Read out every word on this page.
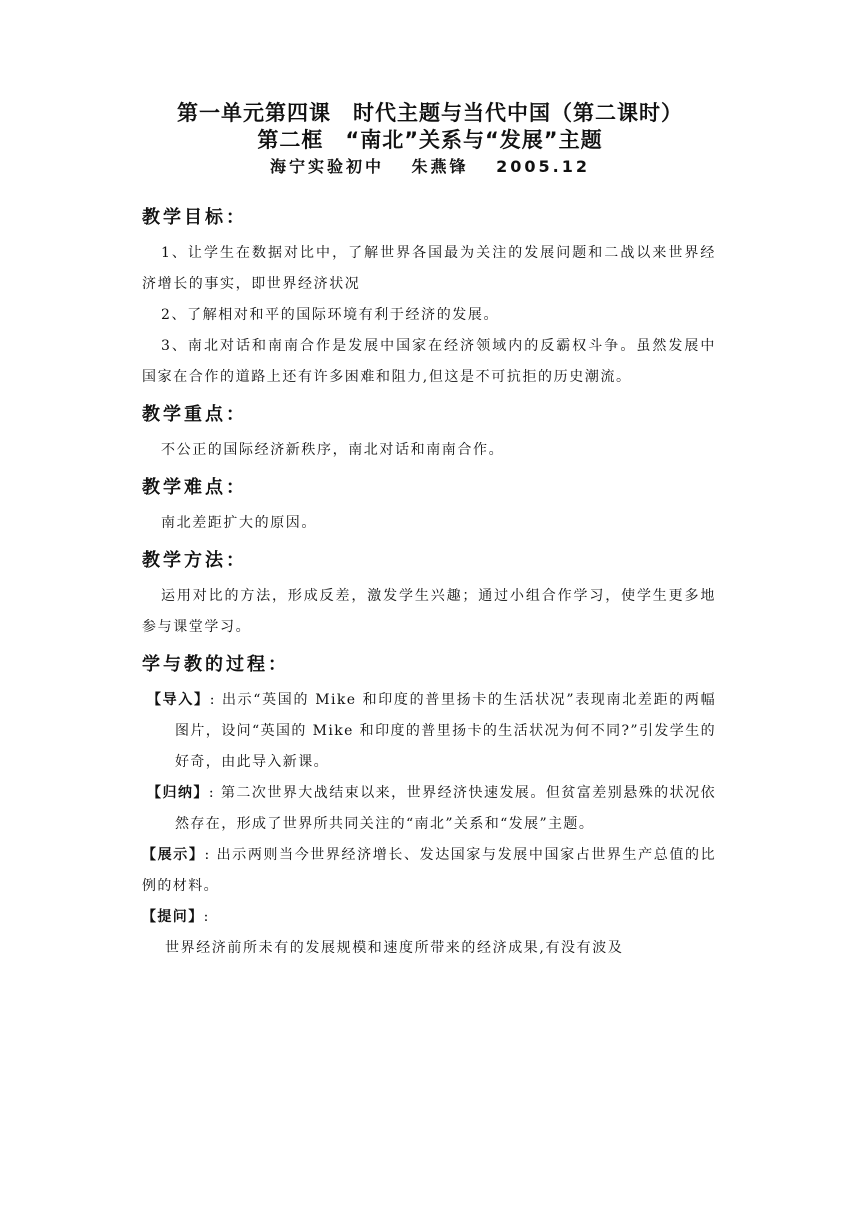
第一单元第四课　时代主题与当代中国（第二课时）
第二框　“南北”关系与“发展”主题
海宁实验初中　 朱燕锋　 2005.12
教学目标：

1、让学生在数据对比中，了解世界各国最为关注的发展问题和二战以来世界经济增长的事实，即世界经济状况

2、了解相对和平的国际环境有利于经济的发展。

3、南北对话和南南合作是发展中国家在经济领域内的反霸权斗争。虽然发展中国家在合作的道路上还有许多困难和阻力,但这是不可抗拒的历史潮流。

教学重点：

不公正的国际经济新秩序，南北对话和南南合作。

教学难点：

南北差距扩大的原因。

教学方法：

运用对比的方法，形成反差，激发学生兴趣；通过小组合作学习，使学生更多地参与课堂学习。

学与教的过程：

【导入】: 出示“英国的 Mike 和印度的普里扬卡的生活状况”表现南北差距的两幅图片，设问“英国的 Mike 和印度的普里扬卡的生活状况为何不同?”引发学生的好奇，由此导入新课。

【归纳】: 第二次世界大战结束以来，世界经济快速发展。但贫富差别悬殊的状况依然存在，形成了世界所共同关注的“南北”关系和“发展”主题。

【展示】: 出示两则当今世界经济增长、发达国家与发展中国家占世界生产总值的比例的材料。

【提问】:

世界经济前所未有的发展规模和速度所带来的经济成果,有没有波及
